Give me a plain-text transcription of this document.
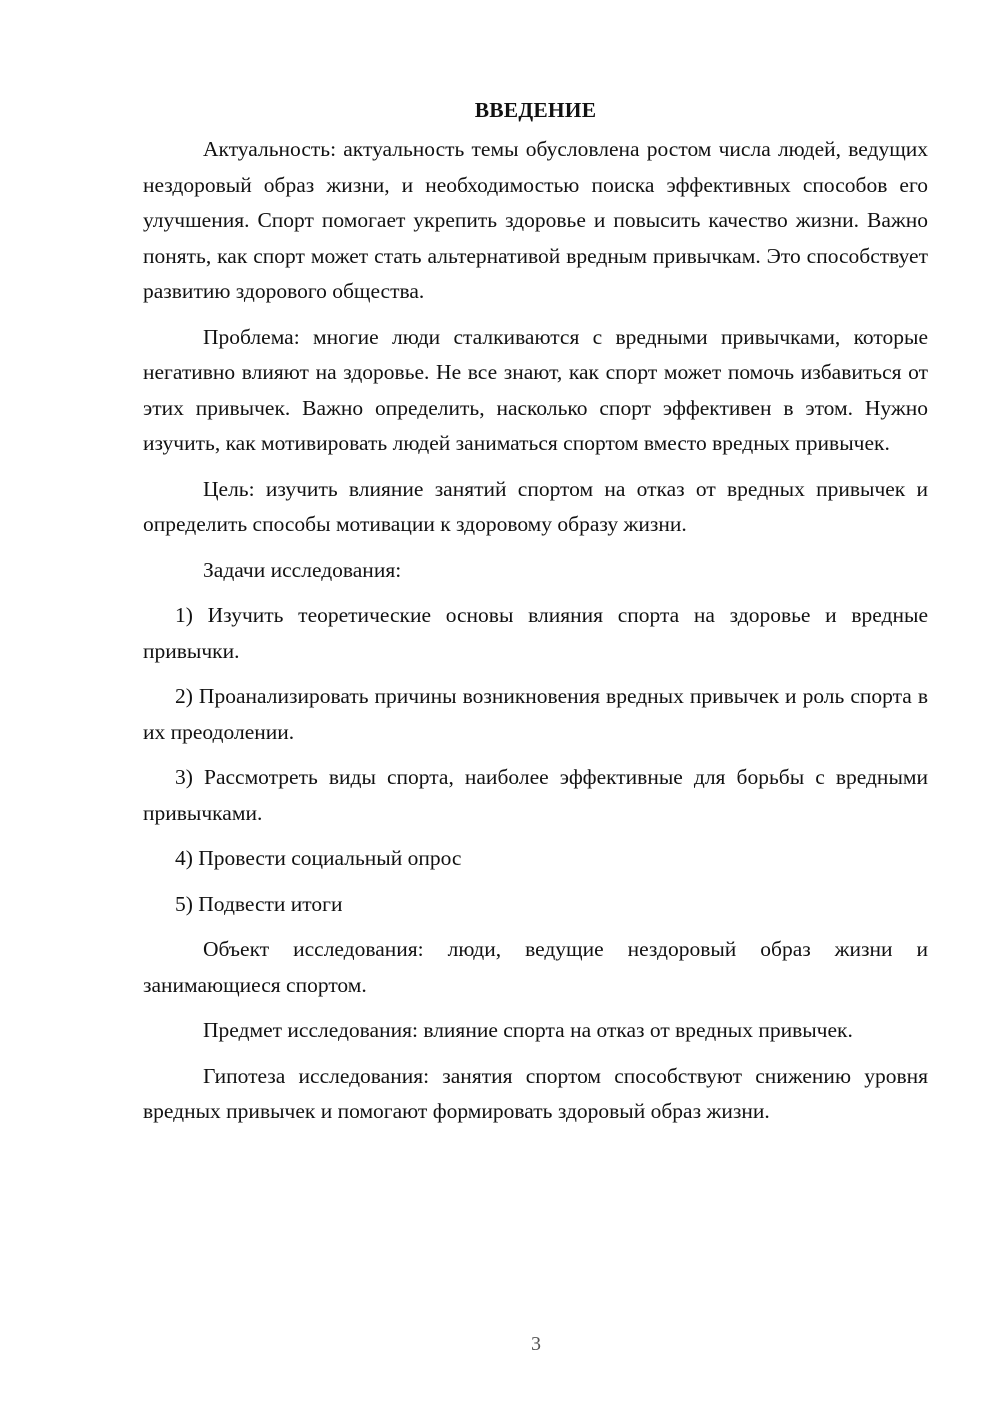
ВВЕДЕНИЕ

Актуальность: актуальность темы обусловлена ростом числа людей, ведущих нездоровый образ жизни, и необходимостью поиска эффективных способов его улучшения. Спорт помогает укрепить здоровье и повысить качество жизни. Важно понять, как спорт может стать альтернативой вредным привычкам. Это способствует развитию здорового общества.

Проблема: многие люди сталкиваются с вредными привычками, которые негативно влияют на здоровье. Не все знают, как спорт может помочь избавиться от этих привычек. Важно определить, насколько спорт эффективен в этом. Нужно изучить, как мотивировать людей заниматься спортом вместо вредных привычек.

Цель: изучить влияние занятий спортом на отказ от вредных привычек и определить способы мотивации к здоровому образу жизни.

Задачи исследования:

1) Изучить теоретические основы влияния спорта на здоровье и вредные привычки.

2) Проанализировать причины возникновения вредных привычек и роль спорта в их преодолении.

3) Рассмотреть виды спорта, наиболее эффективные для борьбы с вредными привычками.

4) Провести социальный опрос

5) Подвести итоги

Объект исследования: люди, ведущие нездоровый образ жизни и занимающиеся спортом.

Предмет исследования: влияние спорта на отказ от вредных привычек.

Гипотеза исследования: занятия спортом способствуют снижению уровня вредных привычек и помогают формировать здоровый образ жизни.

3
